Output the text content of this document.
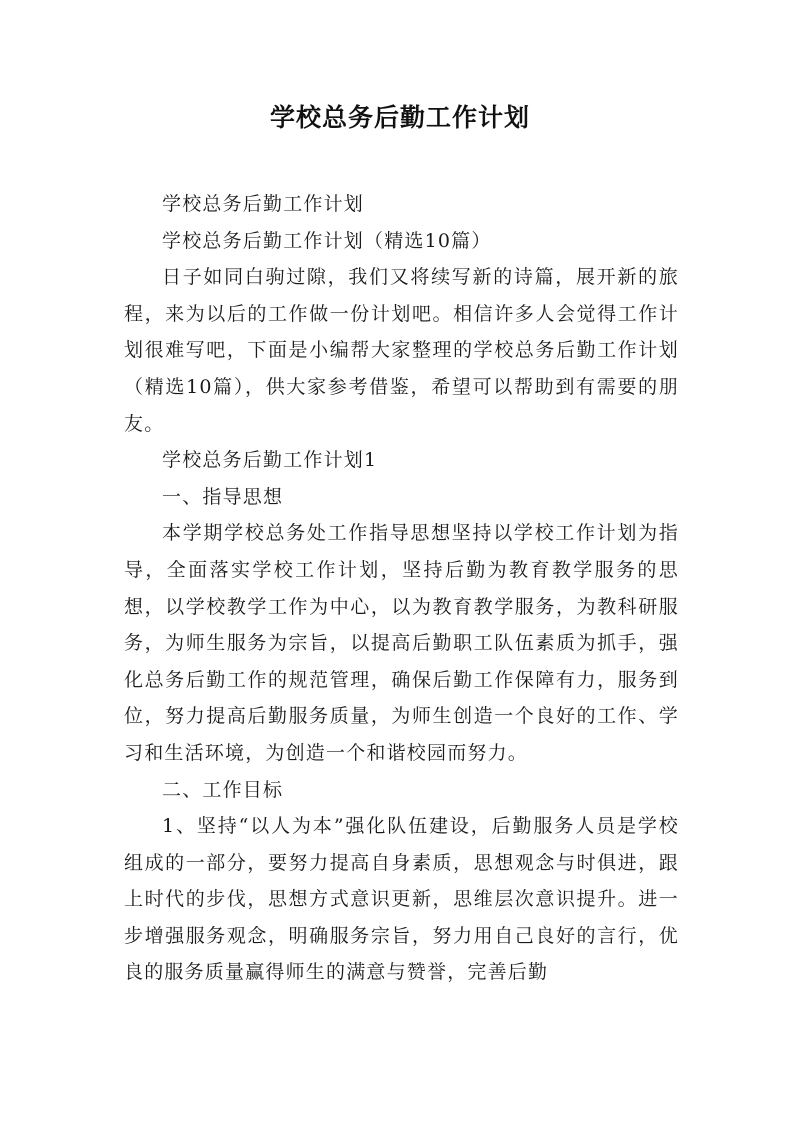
学校总务后勤工作计划

学校总务后勤工作计划

学校总务后勤工作计划（精选10篇）

日子如同白驹过隙，我们又将续写新的诗篇，展开新的旅程，来为以后的工作做一份计划吧。相信许多人会觉得工作计划很难写吧，下面是小编帮大家整理的学校总务后勤工作计划（精选10篇），供大家参考借鉴，希望可以帮助到有需要的朋友。

学校总务后勤工作计划1

一、指导思想

本学期学校总务处工作指导思想坚持以学校工作计划为指导，全面落实学校工作计划，坚持后勤为教育教学服务的思想，以学校教学工作为中心，以为教育教学服务，为教科研服务，为师生服务为宗旨，以提高后勤职工队伍素质为抓手，强化总务后勤工作的规范管理，确保后勤工作保障有力，服务到位，努力提高后勤服务质量，为师生创造一个良好的工作、学习和生活环境，为创造一个和谐校园而努力。

二、工作目标

1、坚持“以人为本”强化队伍建设，后勤服务人员是学校组成的一部分，要努力提高自身素质，思想观念与时俱进，跟上时代的步伐，思想方式意识更新，思维层次意识提升。进一步增强服务观念，明确服务宗旨，努力用自己良好的言行，优良的服务质量赢得师生的满意与赞誉，完善后勤
